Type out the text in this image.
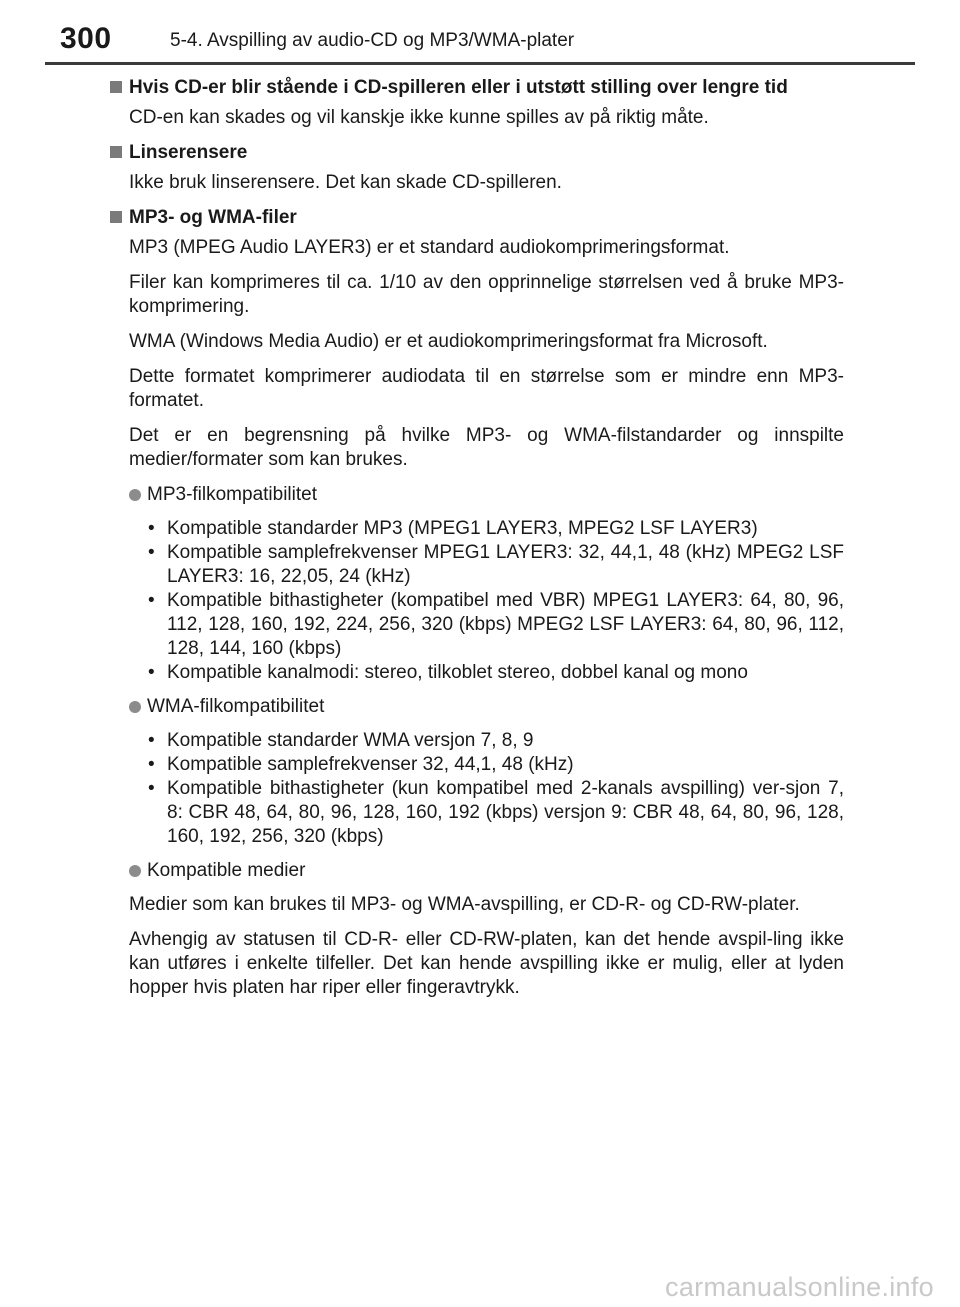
300	5-4. Avspilling av audio-CD og MP3/WMA-plater
Hvis CD-er blir stående i CD-spilleren eller i utstøtt stilling over lengre tid

CD-en kan skades og vil kanskje ikke kunne spilles av på riktig måte.

Linserensere

Ikke bruk linserensere. Det kan skade CD-spilleren.

MP3- og WMA-filer

MP3 (MPEG Audio LAYER3) er et standard audiokomprimeringsformat.

Filer kan komprimeres til ca. 1/10 av den opprinnelige størrelsen ved å bruke MP3-komprimering.

WMA (Windows Media Audio) er et audiokomprimeringsformat fra Microsoft.

Dette formatet komprimerer audiodata til en størrelse som er mindre enn MP3-formatet.

Det er en begrensning på hvilke MP3- og WMA-filstandarder og innspilte medier/formater som kan brukes.

MP3-filkompatibilitet
• Kompatible standarder MP3 (MPEG1 LAYER3, MPEG2 LSF LAYER3)
• Kompatible samplefrekvenser MPEG1 LAYER3: 32, 44,1, 48 (kHz) MPEG2 LSF LAYER3: 16, 22,05, 24 (kHz)
• Kompatible bithastigheter (kompatibel med VBR) MPEG1 LAYER3: 64, 80, 96, 112, 128, 160, 192, 224, 256, 320 (kbps) MPEG2 LSF LAYER3: 64, 80, 96, 112, 128, 144, 160 (kbps)
• Kompatible kanalmodi: stereo, tilkoblet stereo, dobbel kanal og mono
WMA-filkompatibilitet
• Kompatible standarder WMA versjon 7, 8, 9
• Kompatible samplefrekvenser 32, 44,1, 48 (kHz)
• Kompatible bithastigheter (kun kompatibel med 2-kanals avspilling) ver-sjon 7, 8: CBR 48, 64, 80, 96, 128, 160, 192 (kbps) versjon 9: CBR 48, 64, 80, 96, 128, 160, 192, 256, 320 (kbps)
Kompatible medier

Medier som kan brukes til MP3- og WMA-avspilling, er CD-R- og CD-RW-plater.

Avhengig av statusen til CD-R- eller CD-RW-platen, kan det hende avspil-ling ikke kan utføres i enkelte tilfeller. Det kan hende avspilling ikke er mulig, eller at lyden hopper hvis platen har riper eller fingeravtrykk.

carmanualsonline.info
